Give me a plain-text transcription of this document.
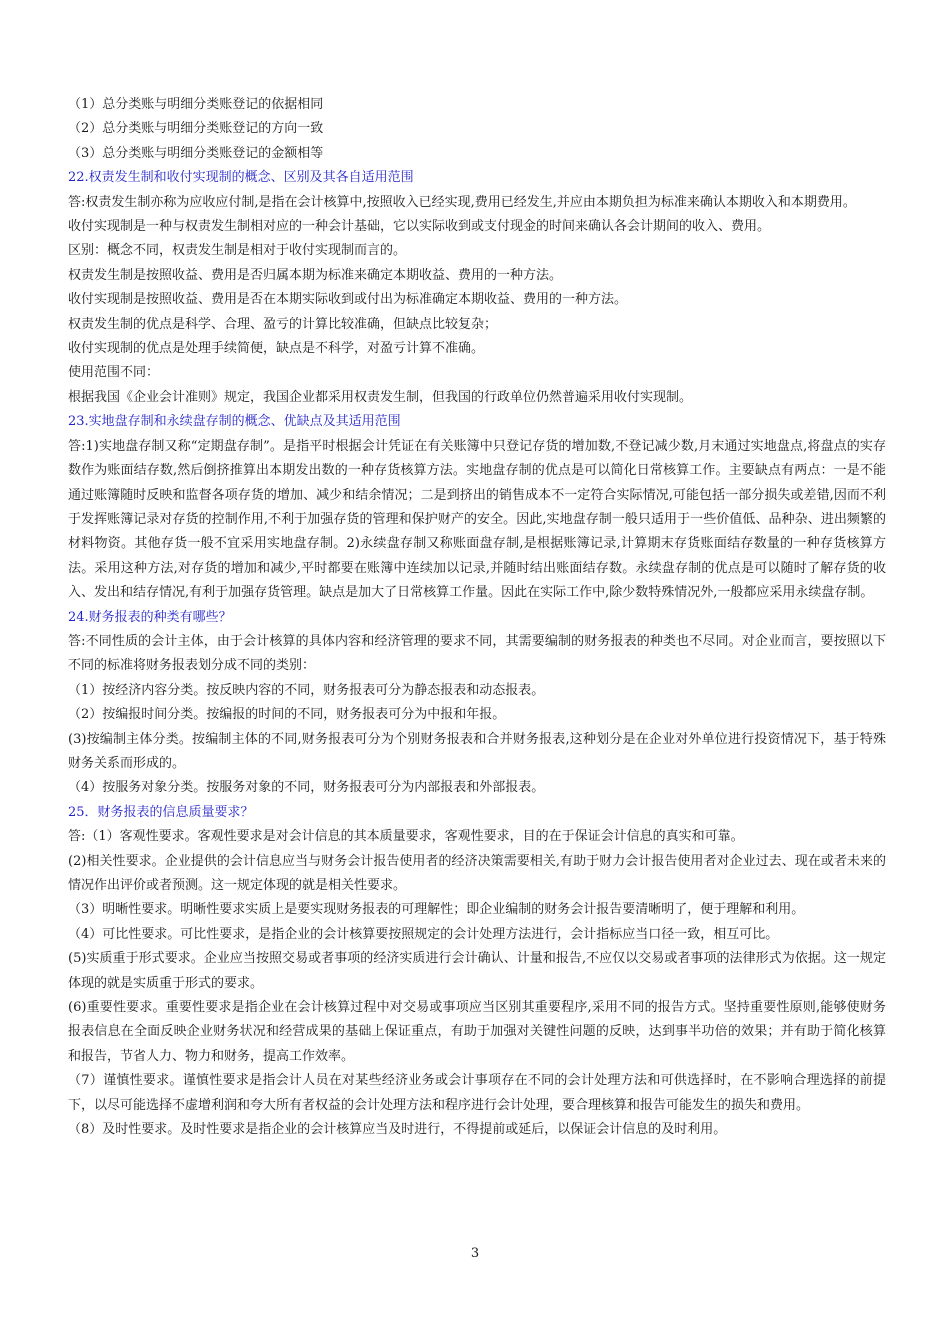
（1）总分类账与明细分类账登记的依据相同

（2）总分类账与明细分类账登记的方向一致

（3）总分类账与明细分类账登记的金额相等

22.权责发生制和收付实现制的概念、区别及其各自适用范围

答:权责发生制亦称为应收应付制,是指在会计核算中,按照收入已经实现,费用已经发生,并应由本期负担为标准来确认本期收入和本期费用。

收付实现制是一种与权责发生制相对应的一种会计基础，它以实际收到或支付现金的时间来确认各会计期间的收入、费用。

区别：概念不同，权责发生制是相对于收付实现制而言的。

权责发生制是按照收益、费用是否归属本期为标准来确定本期收益、费用的一种方法。

收付实现制是按照收益、费用是否在本期实际收到或付出为标准确定本期收益、费用的一种方法。

权责发生制的优点是科学、合理、盈亏的计算比较准确，但缺点比较复杂；

收付实现制的优点是处理手续简便，缺点是不科学，对盈亏计算不准确。

使用范围不同：

根据我国《企业会计准则》规定，我国企业都采用权责发生制，但我国的行政单位仍然普遍采用收付实现制。

23.实地盘存制和永续盘存制的概念、优缺点及其适用范围

答:1)实地盘存制又称“定期盘存制”。是指平时根据会计凭证在有关账簿中只登记存货的增加数,不登记减少数,月末通过实地盘点,将盘点的实存数作为账面结存数,然后倒挤推算出本期发出数的一种存货核算方法。实地盘存制的优点是可以简化日常核算工作。主要缺点有两点：一是不能通过账簿随时反映和监督各项存货的增加、减少和结余情况；二是到挤出的销售成本不一定符合实际情况,可能包括一部分损失或差错,因而不利于发挥账簿记录对存货的控制作用,不利于加强存货的管理和保护财产的安全。因此,实地盘存制一般只适用于一些价值低、品种杂、进出频繁的材料物资。其他存货一般不宜采用实地盘存制。2)永续盘存制又称账面盘存制,是根据账簿记录,计算期末存货账面结存数量的一种存货核算方法。采用这种方法,对存货的增加和减少,平时都要在账簿中连续加以记录,并随时结出账面结存数。永续盘存制的优点是可以随时了解存货的收入、发出和结存情况,有利于加强存货管理。缺点是加大了日常核算工作量。因此在实际工作中,除少数特殊情况外,一般都应采用永续盘存制。

24.财务报表的种类有哪些？

答:不同性质的会计主体，由于会计核算的具体内容和经济管理的要求不同，其需要编制的财务报表的种类也不尽同。对企业而言，要按照以下不同的标准将财务报表划分成不同的类别：

（1）按经济内容分类。按反映内容的不同，财务报表可分为静态报表和动态报表。

（2）按编报时间分类。按编报的时间的不同，财务报表可分为中报和年报。

(3)按编制主体分类。按编制主体的不同,财务报表可分为个别财务报表和合并财务报表,这种划分是在企业对外单位进行投资情况下，基于特殊财务关系而形成的。

（4）按服务对象分类。按服务对象的不同，财务报表可分为内部报表和外部报表。

25．财务报表的信息质量要求？

答:（1）客观性要求。客观性要求是对会计信息的其本质量要求，客观性要求，目的在于保证会计信息的真实和可靠。

(2)相关性要求。企业提供的会计信息应当与财务会计报告使用者的经济决策需要相关,有助于财力会计报告使用者对企业过去、现在或者未来的情况作出评价或者预测。这一规定体现的就是相关性要求。

（3）明晰性要求。明晰性要求实质上是要实现财务报表的可理解性；即企业编制的财务会计报告要清晰明了，便于理解和利用。

（4）可比性要求。可比性要求，是指企业的会计核算要按照规定的会计处理方法进行，会计指标应当口径一致，相互可比。

(5)实质重于形式要求。企业应当按照交易或者事项的经济实质进行会计确认、计量和报告,不应仅以交易或者事项的法律形式为依据。这一规定体现的就是实质重于形式的要求。

(6)重要性要求。重要性要求是指企业在会计核算过程中对交易或事项应当区别其重要程序,采用不同的报告方式。坚持重要性原则,能够使财务报表信息在全面反映企业财务状况和经营成果的基础上保证重点，有助于加强对关键性问题的反映，达到事半功倍的效果；并有助于简化核算和报告，节省人力、物力和财务，提高工作效率。

（7）谨慎性要求。谨慎性要求是指会计人员在对某些经济业务或会计事项存在不同的会计处理方法和可供选择时，在不影响合理选择的前提下，以尽可能选择不虚增利润和夸大所有者权益的会计处理方法和程序进行会计处理，要合理核算和报告可能发生的损失和费用。

（8）及时性要求。及时性要求是指企业的会计核算应当及时进行，不得提前或延后，以保证会计信息的及时利用。

3
